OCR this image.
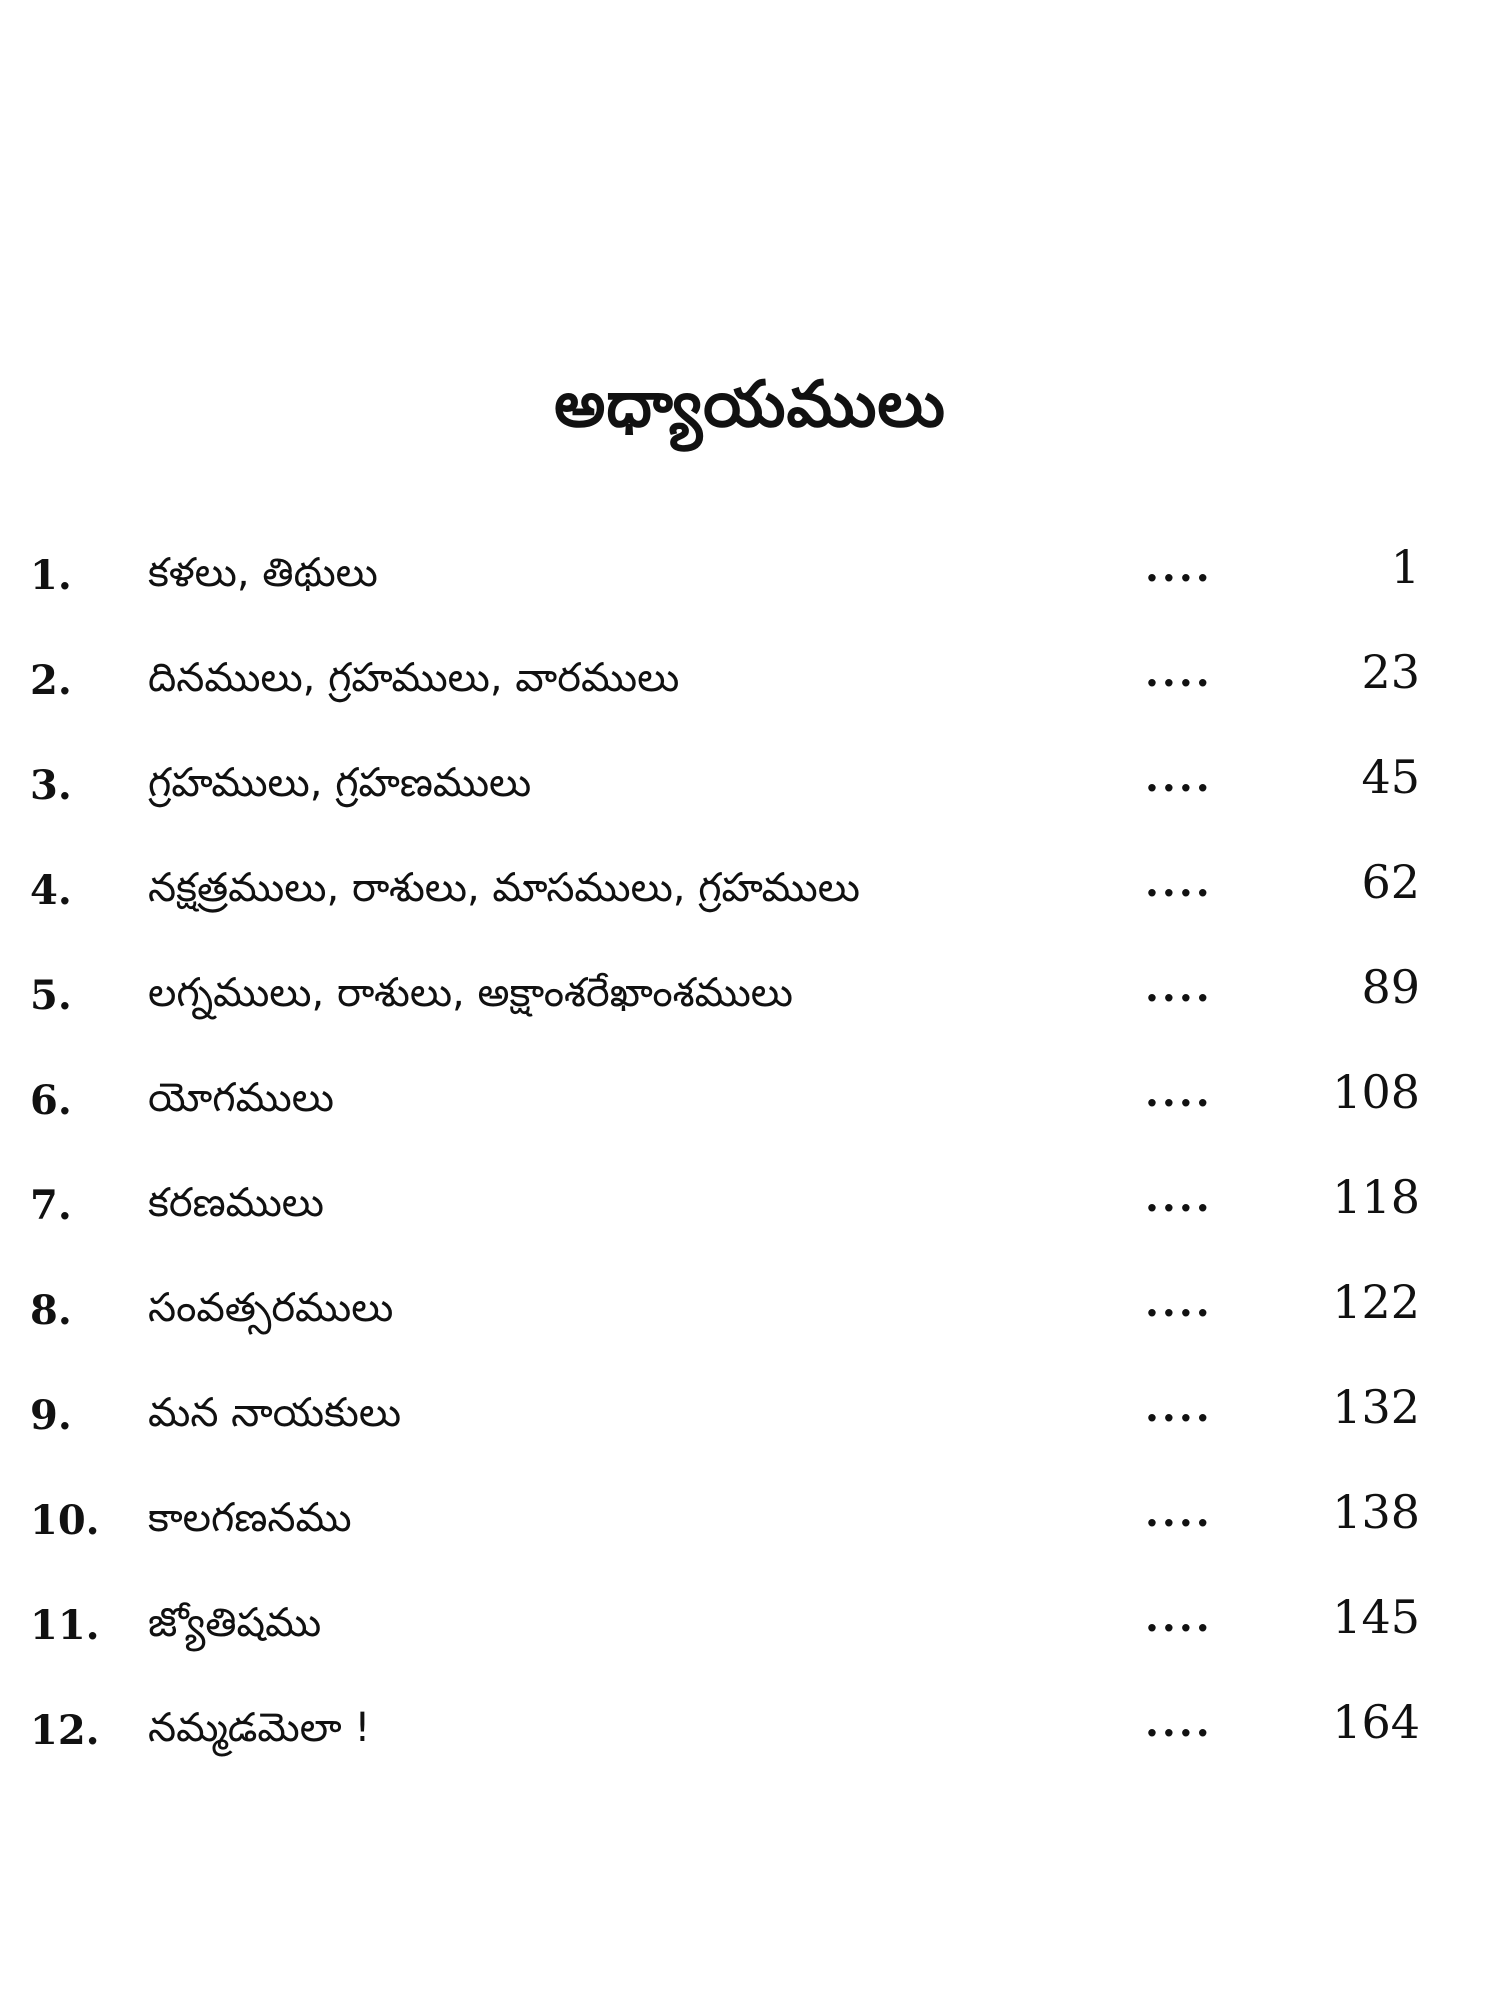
అధ్యాయములు
1.	కళలు, తిథులు	....	1
2.	దినములు, గ్రహములు, వారములు	....	23
3.	గ్రహములు, గ్రహణములు	....	45
4.	నక్షత్రములు, రాశులు, మాసములు, గ్రహములు	....	62
5.	లగ్నములు, రాశులు, అక్షాంశరేఖాంశములు	....	89
6.	యోగములు	....	108
7.	కరణములు	....	118
8.	సంవత్సరములు	....	122
9.	మన నాయకులు	....	132
10.	కాలగణనము	....	138
11.	జ్యోతిషము	....	145
12.	నమ్మడమెలా !	....	164
